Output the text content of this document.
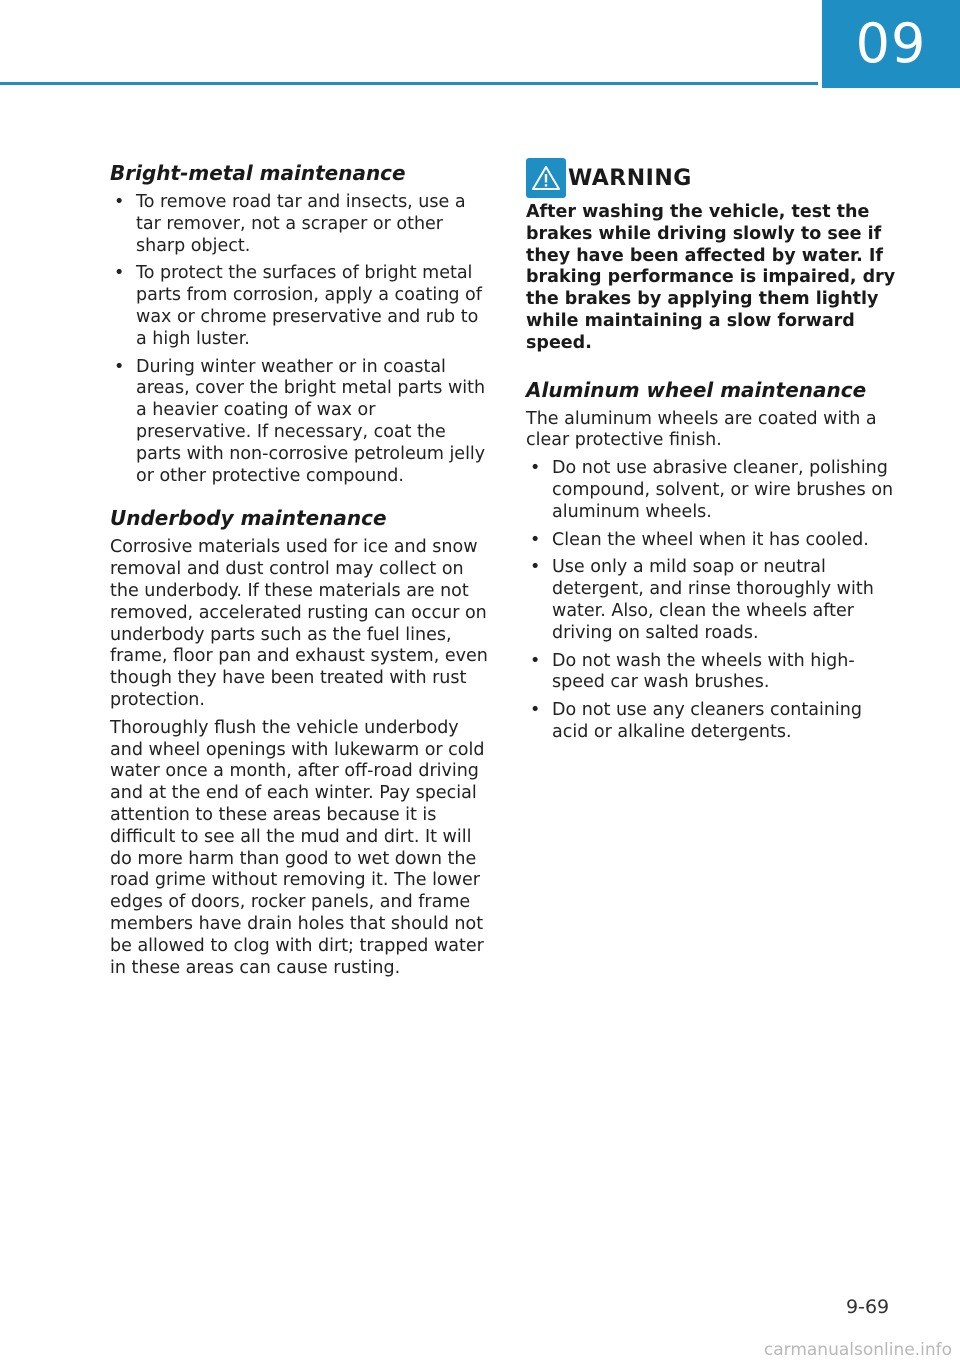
09
Bright-metal maintenance
• To remove road tar and insects, use a tar remover, not a scraper or other sharp object.
• To protect the surfaces of bright metal parts from corrosion, apply a coating of wax or chrome preservative and rub to a high luster.
• During winter weather or in coastal areas, cover the bright metal parts with a heavier coating of wax or preservative. If necessary, coat the parts with non-corrosive petroleum jelly or other protective compound.
Underbody maintenance

Corrosive materials used for ice and snow removal and dust control may collect on the underbody. If these materials are not removed, accelerated rusting can occur on underbody parts such as the fuel lines, frame, floor pan and exhaust system, even though they have been treated with rust protection.

Thoroughly flush the vehicle underbody and wheel openings with lukewarm or cold water once a month, after off-road driving and at the end of each winter. Pay special attention to these areas because it is difficult to see all the mud and dirt. It will do more harm than good to wet down the road grime without removing it. The lower edges of doors, rocker panels, and frame members have drain holes that should not be allowed to clog with dirt; trapped water in these areas can cause rusting.

WARNING

After washing the vehicle, test the brakes while driving slowly to see if they have been affected by water. If braking performance is impaired, dry the brakes by applying them lightly while maintaining a slow forward speed.

Aluminum wheel maintenance

The aluminum wheels are coated with a clear protective finish.

• Do not use abrasive cleaner, polishing compound, solvent, or wire brushes on aluminum wheels.
• Clean the wheel when it has cooled.
• Use only a mild soap or neutral detergent, and rinse thoroughly with water. Also, clean the wheels after driving on salted roads.
• Do not wash the wheels with high-speed car wash brushes.
• Do not use any cleaners containing acid or alkaline detergents.
9-69
carmanualsonline.info
